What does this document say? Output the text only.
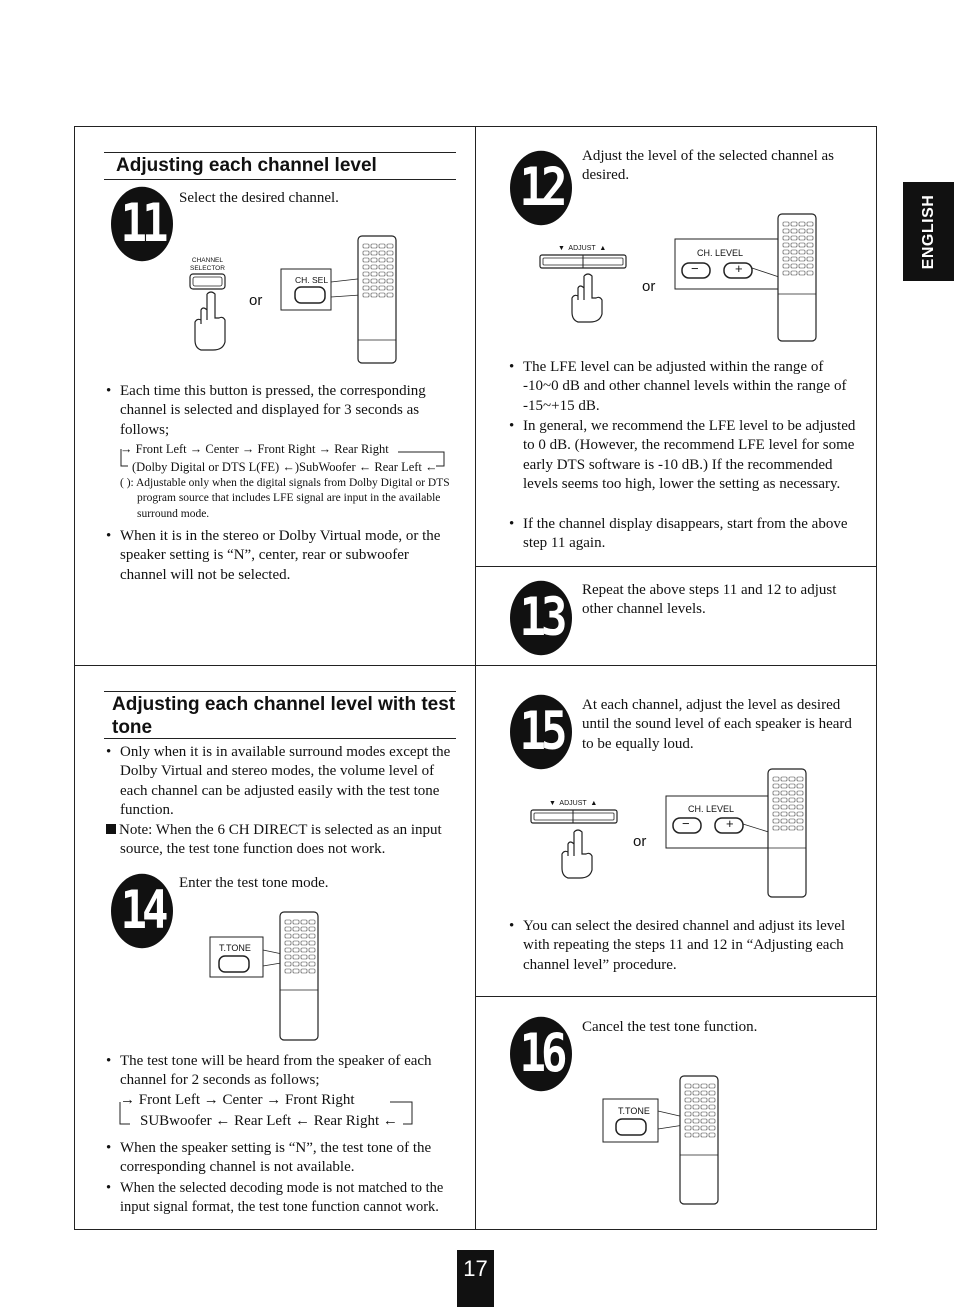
ENGLISH
Adjusting each channel level
11	Select the desired channel.
CHANNEL
SELECTOR
or
CH. SEL
• Each time this button is pressed, the corresponding channel is selected and displayed for 3 seconds as follows;
→ Front Left → Center → Front Right → Rear Right
(Dolby Digital or DTS L(FE) ←)SubWoofer ← Rear Left ←
( ): Adjustable only when the digital signals from Dolby Digital or DTS program source that includes LFE signal are input in the available surround mode.
• When it is in the stereo or Dolby Virtual mode, or the speaker setting is “N”, center, rear or subwoofer channel will not be selected.
12
Adjust the level of the selected channel as desired.
▼  ADJUST  ▲
or
CH. LEVEL
−	+
• The LFE level can be adjusted within the range of -10~0 dB and other channel levels within the range of -15~+15 dB.
• In general, we recommend the LFE level to be adjusted to 0 dB. (However, the recommend LFE level for some early DTS software is -10 dB.) If the recommended levels seems too high, lower the setting as necessary.
• If the channel display disappears, start from the above step 11 again.
13	Repeat the above steps 11 and 12 to adjust other channel levels.
Adjusting each channel level with test tone
• Only when it is in available surround modes except the Dolby Virtual and stereo modes, the volume level of each channel can be adjusted easily with the test tone function.
Note: When the 6 CH DIRECT is selected as an input source, the test tone function does not work.
14	Enter the test tone mode.
T.TONE
• The test tone will be heard from the speaker of each channel for 2 seconds as follows;
→ Front Left → Center → Front Right
SUBwoofer ← Rear Left ← Rear Right ←
• When the speaker setting is “N”, the test tone of the corresponding channel is not available.
• When the selected decoding mode is not matched to the input signal format, the test tone function cannot work.
15	At each channel, adjust the level as desired until the sound level of each speaker is heard to be equally loud.
▼  ADJUST  ▲
or
CH. LEVEL
−	+
• You can select the desired channel and adjust its level with repeating the steps 11 and 12 in “Adjusting each channel level” procedure.
16	Cancel the test tone function.
T.TONE
17
